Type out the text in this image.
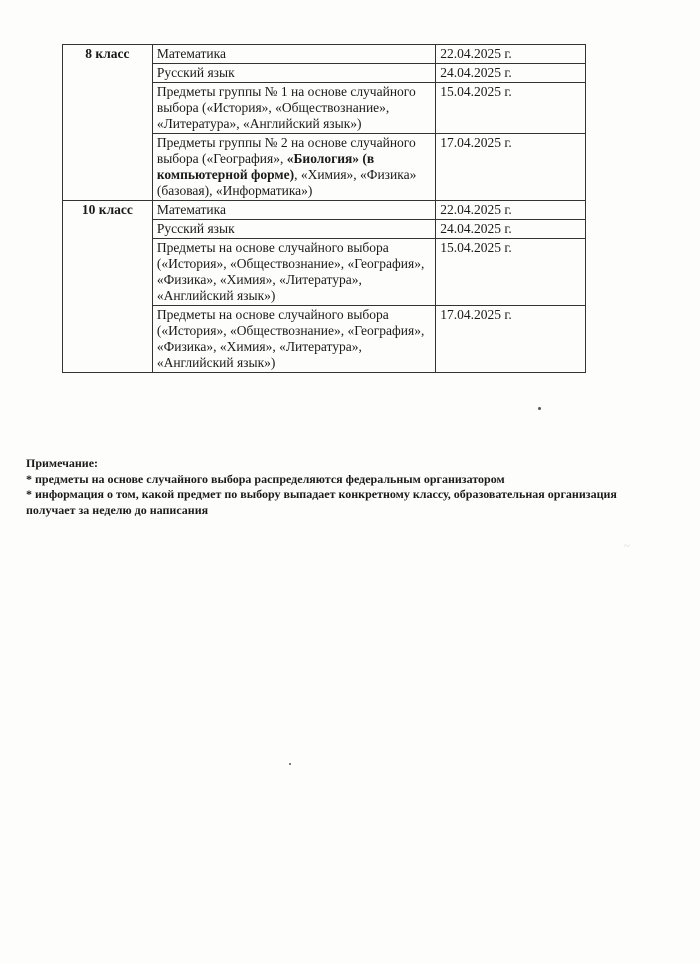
8 класс	Математика	22.04.2025 г.
	Русский язык	24.04.2025 г.
	Предметы группы № 1 на основе случайного выбора («История», «Обществознание», «Литература», «Английский язык»)	15.04.2025 г.
	Предметы группы № 2 на основе случайного выбора («География», «Биология» (в компьютерной форме), «Химия», «Физика» (базовая), «Информатика»)	17.04.2025 г.
10 класс	Математика	22.04.2025 г.
	Русский язык	24.04.2025 г.
	Предметы на основе случайного выбора («История», «Обществознание», «География», «Физика», «Химия», «Литература», «Английский язык»)	15.04.2025 г.
	Предметы на основе случайного выбора («История», «Обществознание», «География», «Физика», «Химия», «Литература», «Английский язык»)	17.04.2025 г.

Примечание:

* предметы на основе случайного выбора распределяются федеральным организатором

* информация о том, какой предмет по выбору выпадает конкретному классу, образовательная организация получает за неделю до написания

~
